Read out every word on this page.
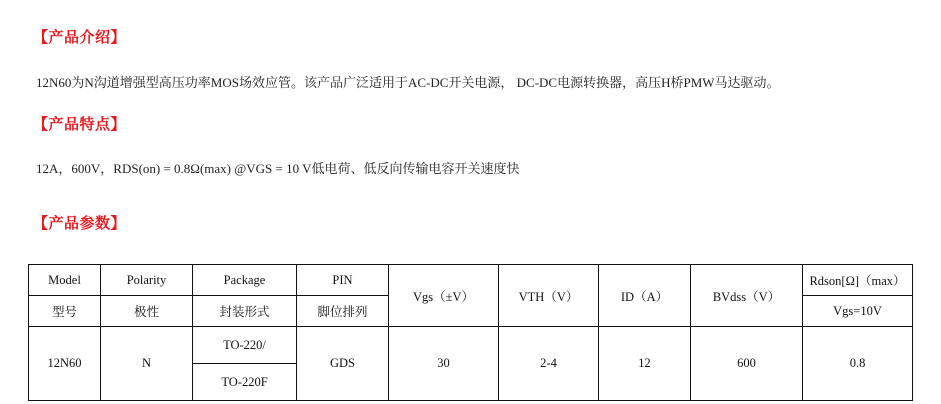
【产品介绍】
12N60为N沟道增强型高压功率MOS场效应管。该产品广泛适用于AC-DC开关电源， DC-DC电源转换器，高压H桥PMW马达驱动。
【产品特点】
12A，600V，RDS(on) = 0.8Ω(max) @VGS = 10 V低电荷、低反向传输电容开关速度快
【产品参数】
Model	Polarity	Package	PIN	Vgs（±V）	VTH（V）	ID（A）	BVdss（V）	Rdson[Ω]（max）
型号	极性	封装形式	脚位排列					Vgs=10V
12N60	N	TO-220/	GDS	30	2-4	12	600	0.8
		TO-220F						
